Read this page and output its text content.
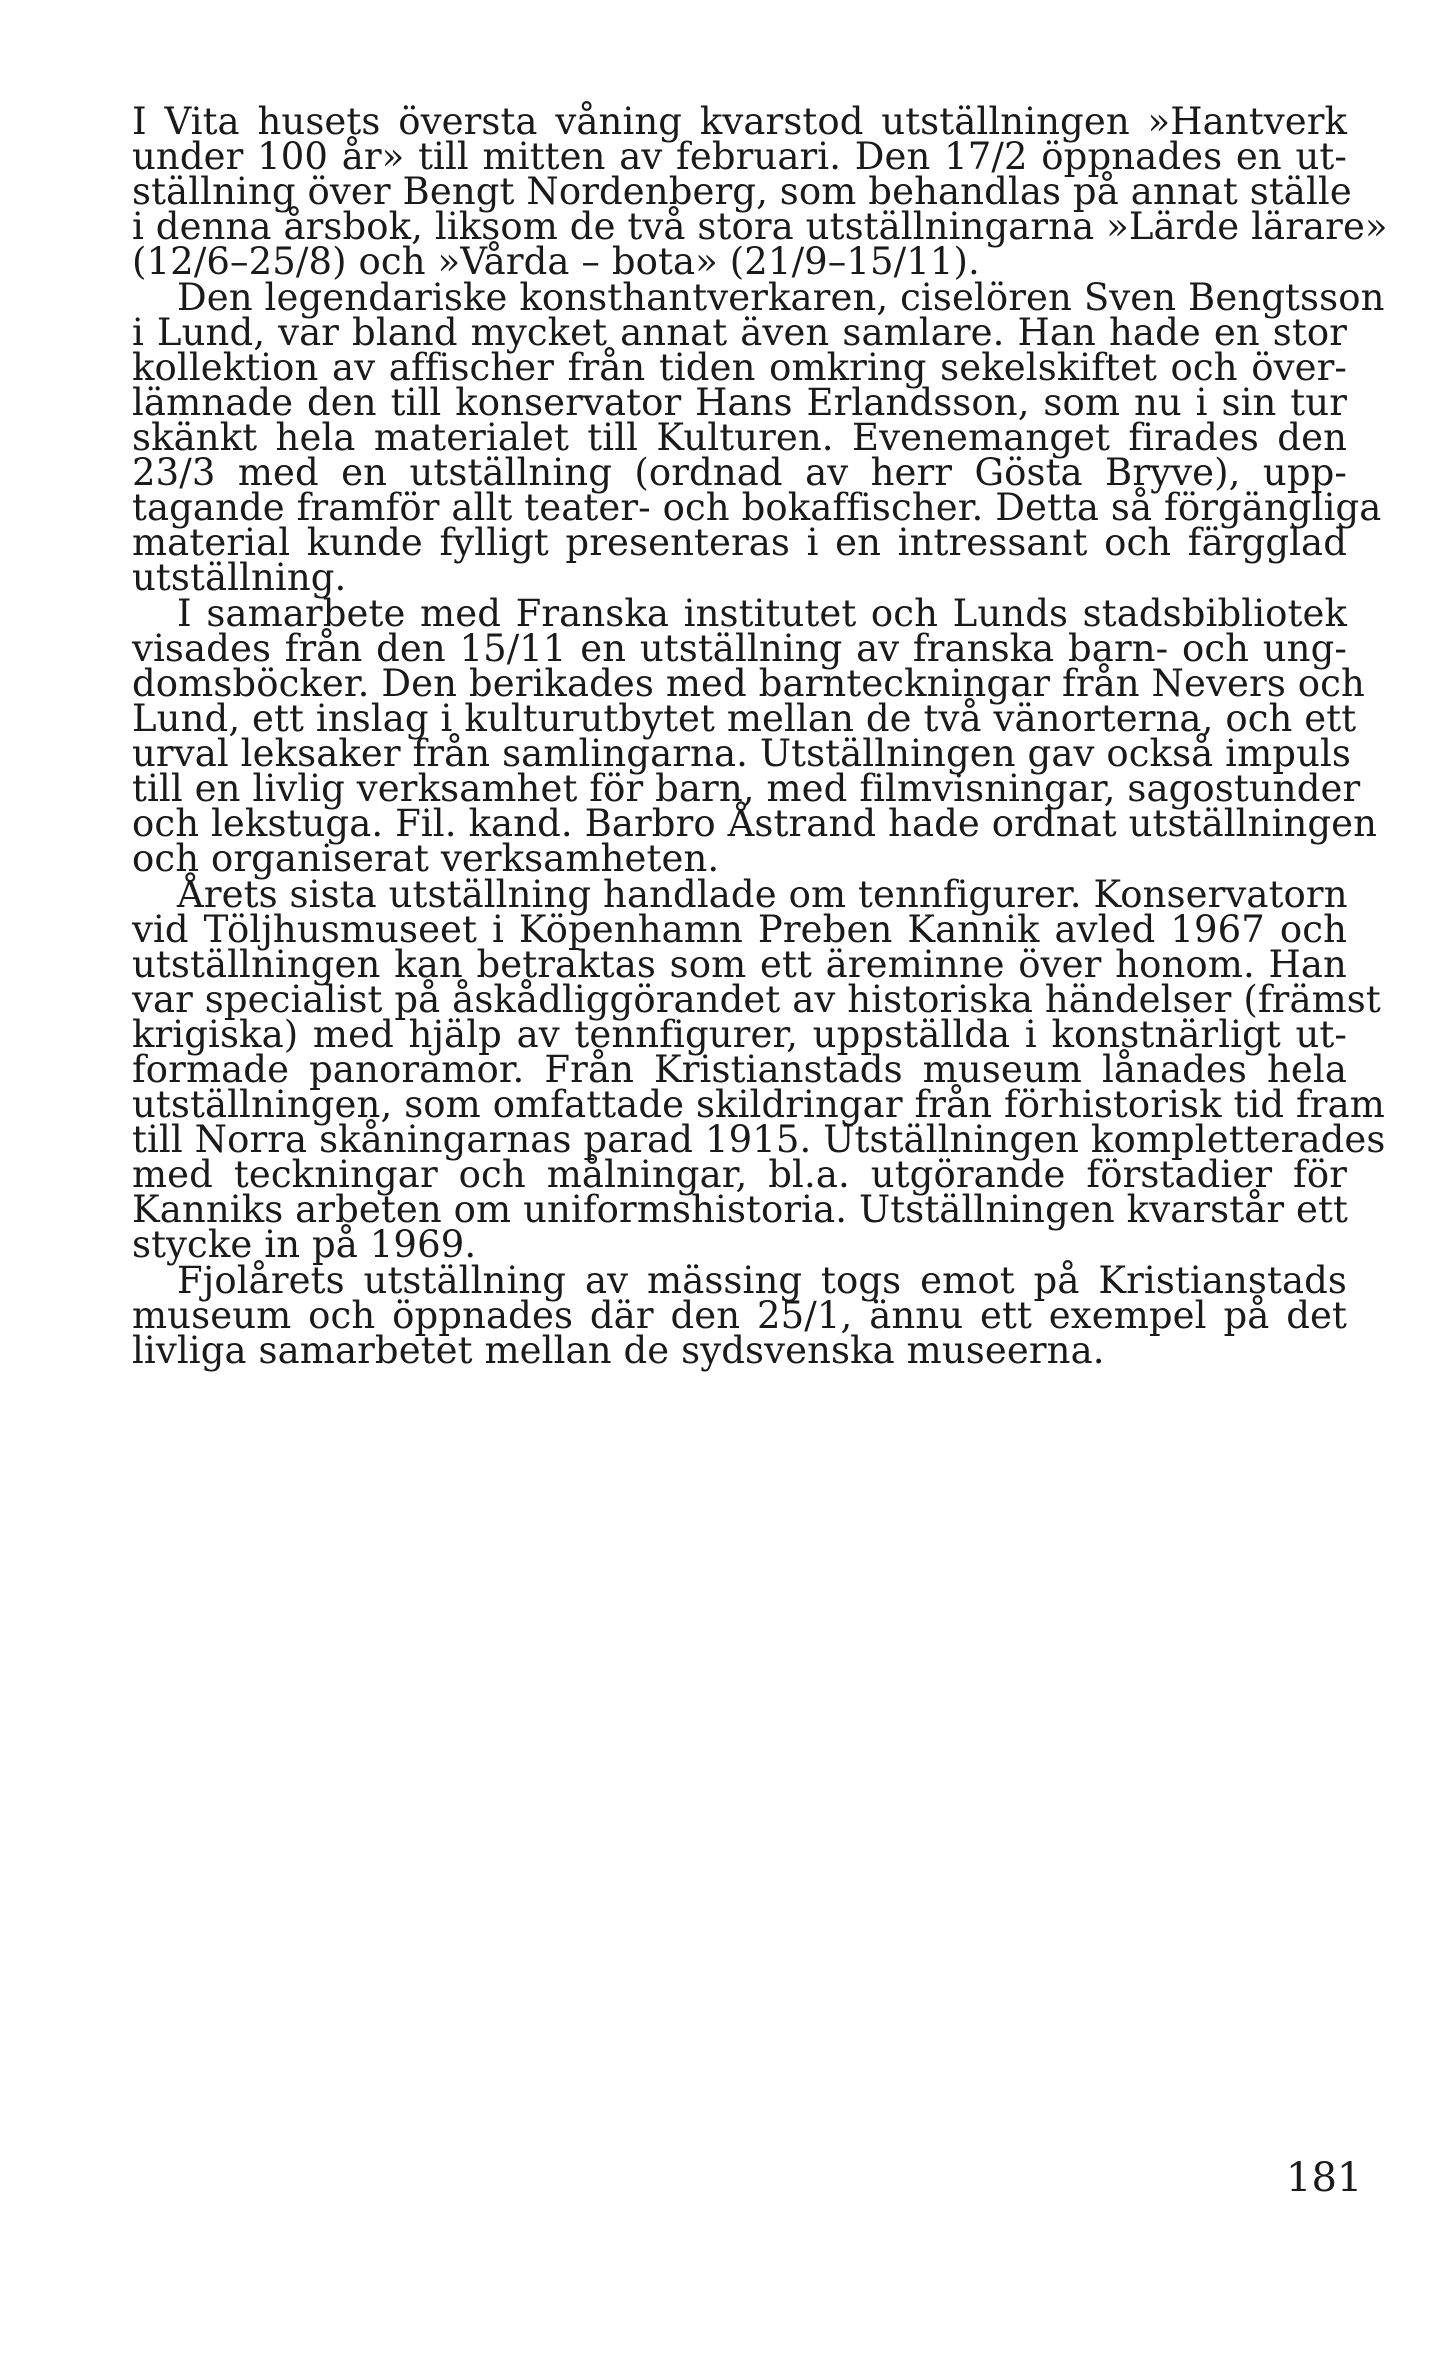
I Vita husets översta våning kvarstod utställningen »Hantverk

under 100 år» till mitten av februari. Den 17/2 öppnades en ut-

ställning över Bengt Nordenberg, som behandlas på annat ställe

i denna årsbok, liksom de två stora utställningarna »Lärde lärare»

(12/6–25/8) och »Vårda – bota» (21/9–15/11).

Den legendariske konsthantverkaren, ciselören Sven Bengtsson

i Lund, var bland mycket annat även samlare. Han hade en stor

kollektion av affischer från tiden omkring sekelskiftet och över-

lämnade den till konservator Hans Erlandsson, som nu i sin tur

skänkt hela materialet till Kulturen. Evenemanget firades den

23/3 med en utställning (ordnad av herr Gösta Bryve), upp-

tagande framför allt teater- och bokaffischer. Detta så förgängliga

material kunde fylligt presenteras i en intressant och färgglad

utställning.

I samarbete med Franska institutet och Lunds stadsbibliotek

visades från den 15/11 en utställning av franska barn- och ung-

domsböcker. Den berikades med barnteckningar från Nevers och

Lund, ett inslag i kulturutbytet mellan de två vänorterna, och ett

urval leksaker från samlingarna. Utställningen gav också impuls

till en livlig verksamhet för barn, med filmvisningar, sagostunder

och lekstuga. Fil. kand. Barbro Åstrand hade ordnat utställningen

och organiserat verksamheten.

Årets sista utställning handlade om tennfigurer. Konservatorn

vid Töljhusmuseet i Köpenhamn Preben Kannik avled 1967 och

utställningen kan betraktas som ett äreminne över honom. Han

var specialist på åskådliggörandet av historiska händelser (främst

krigiska) med hjälp av tennfigurer, uppställda i konstnärligt ut-

formade panoramor. Från Kristianstads museum lånades hela

utställningen, som omfattade skildringar från förhistorisk tid fram

till Norra skåningarnas parad 1915. Utställningen kompletterades

med teckningar och målningar, bl.a. utgörande förstadier för

Kanniks arbeten om uniformshistoria. Utställningen kvarstår ett

stycke in på 1969.

Fjolårets utställning av mässing togs emot på Kristianstads

museum och öppnades där den 25/1, ännu ett exempel på det

livliga samarbetet mellan de sydsvenska museerna.

181
